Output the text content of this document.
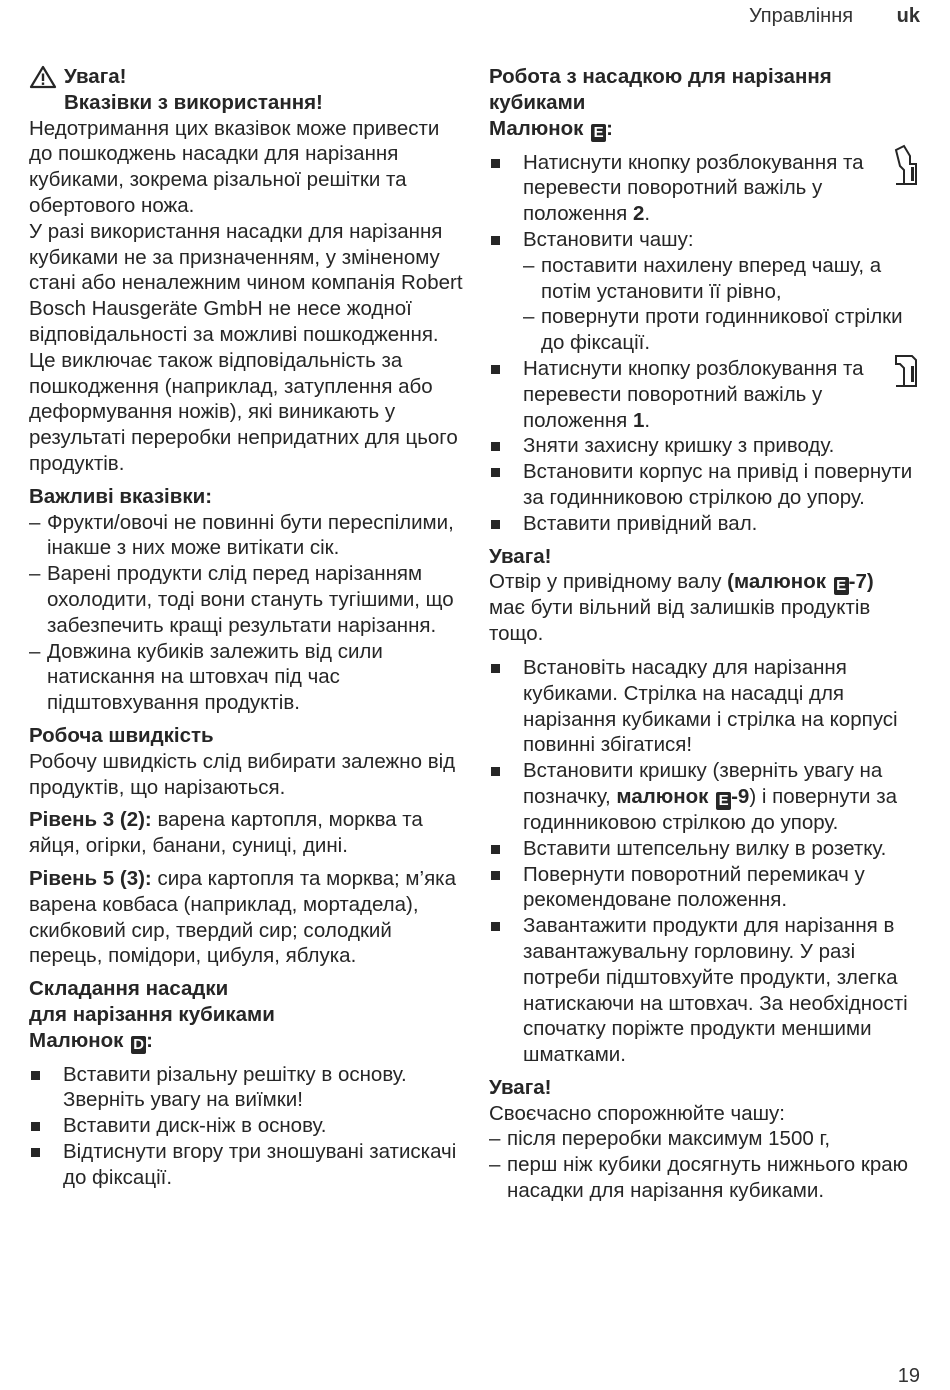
Управління uk
Увага!
Вказівки з використання!

Недотримання цих вказівок може привести до пошкоджень насадки для нарізання кубиками, зокрема різальної решітки та обертового ножа.

У разі використання насадки для нарізання кубиками не за призначенням, у зміненому стані або неналежним чином компанія Robert Bosch Hausgeräte GmbH не несе жодної відповідальності за можливі пошкодження. Це виключає також відповідальність за пошкодження (наприклад, затуплення або деформування ножів), які виникають у результаті переробки непридатних для цього продуктів.

Важливі вказівки:

– Фрукти/овочі не повинні бути переспілими, інакше з них може витікати сік.
– Варені продукти слід перед нарізанням охолодити, тоді вони стануть тугішими, що забезпечить кращі результати нарізання.
– Довжина кубиків залежить від сили натискання на штовхач під час підштовхування продуктів.

Робоча швидкість

Робочу швидкість слід вибирати залежно від продуктів, що нарізаються.

Рівень 3 (2): варена картопля, морква та яйця, огірки, банани, суниці, дині.

Рівень 5 (3): сира картопля та морква; м’яка варена ковбаса (наприклад, мортадела), скибковий сир, твердий сир; солодкий перець, помідори, цибуля, яблука.

Складання насадки
для нарізання кубиками
Малюнок D :
Вставити різальну решітку в основу. Зверніть увагу на виїмки!
Вставити диск-ніж в основу.
Відтиснути вгору три зношувані затискачі до фіксації.
Робота з насадкою для нарізання кубиками
Малюнок E :
Натиснути кнопку розблокування та перевести поворотний важіль у положення 2.
Встановити чашу:
– поставити нахилену вперед чашу, а потім установити її рівно,
– повернути проти годинникової стрілки до фіксації.
Натиснути кнопку розблокування та перевести поворотний важіль у положення 1.
Зняти захисну кришку з приводу.
Встановити корпус на привід і повернути за годинниковою стрілкою до упору.
Вставити привідний вал.

Увага!

Отвір у привідному валу (малюнок E -7) має бути вільний від залишків продуктів тощо.

Встановіть насадку для нарізання кубиками. Стрілка на насадці для нарізання кубиками і стрілка на корпусі повинні збігатися!
Встановити кришку (зверніть увагу на позначку, малюнок E -9) і повернути за годинниковою стрілкою до упору.
Вставити штепсельну вилку в розетку.
Повернути поворотний перемикач у рекомендоване положення.
Завантажити продукти для нарізання в завантажувальну горловину. У разі потреби підштовхуйте продукти, злегка натискаючи на штовхач. За необхідності спочатку поріжте продукти меншими шматками.

Увага!

Своєчасно спорожнюйте чашу:

– після переробки максимум 1500 г,
– перш ніж кубики досягнуть нижнього краю насадки для нарізання кубиками.
19
